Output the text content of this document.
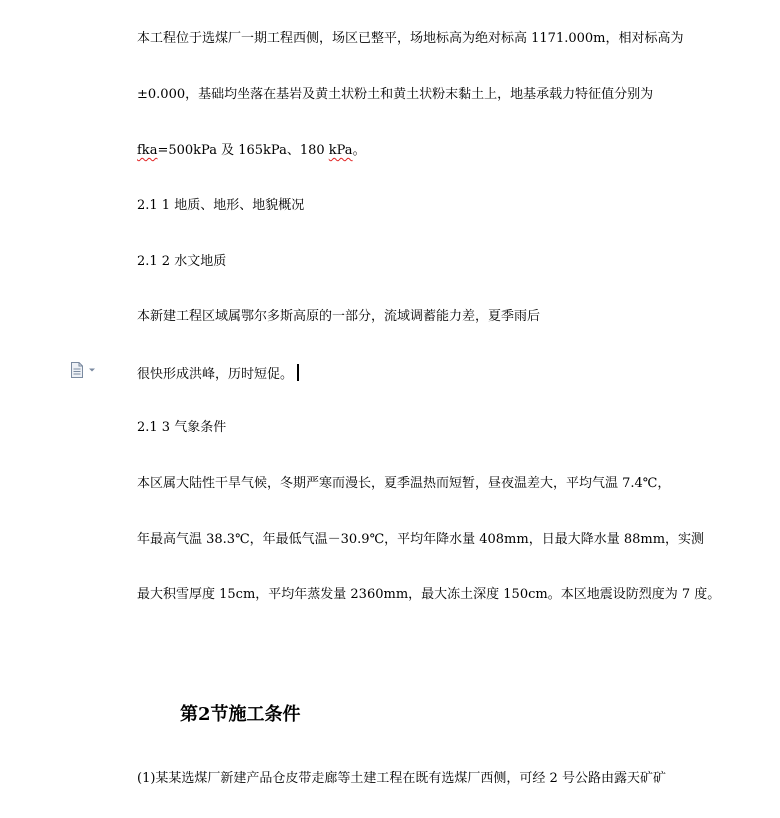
本工程位于选煤厂一期工程西侧，场区已整平，场地标高为绝对标高 1171.000m，相对标高为
±0.000，基础均坐落在基岩及黄土状粉土和黄土状粉末黏土上，地基承载力特征值分别为
fka=500kPa 及 165kPa、180 kPa。
2.1 1 地质、地形、地貌概况
2.1 2 水文地质
本新建工程区域属鄂尔多斯高原的一部分，流域调蓄能力差，夏季雨后
很快形成洪峰，历时短促。
2.1 3 气象条件
本区属大陆性干旱气候，冬期严寒而漫长，夏季温热而短暂，昼夜温差大，平均气温 7.4℃，
年最高气温 38.3℃，年最低气温－30.9℃，平均年降水量 408mm，日最大降水量 88mm，实测
最大积雪厚度 15cm，平均年蒸发量 2360mm，最大冻土深度 150cm。本区地震设防烈度为 7 度。
第2节施工条件
(1)某某选煤厂新建产品仓皮带走廊等土建工程在既有选煤厂西侧，可经 2 号公路由露天矿矿
